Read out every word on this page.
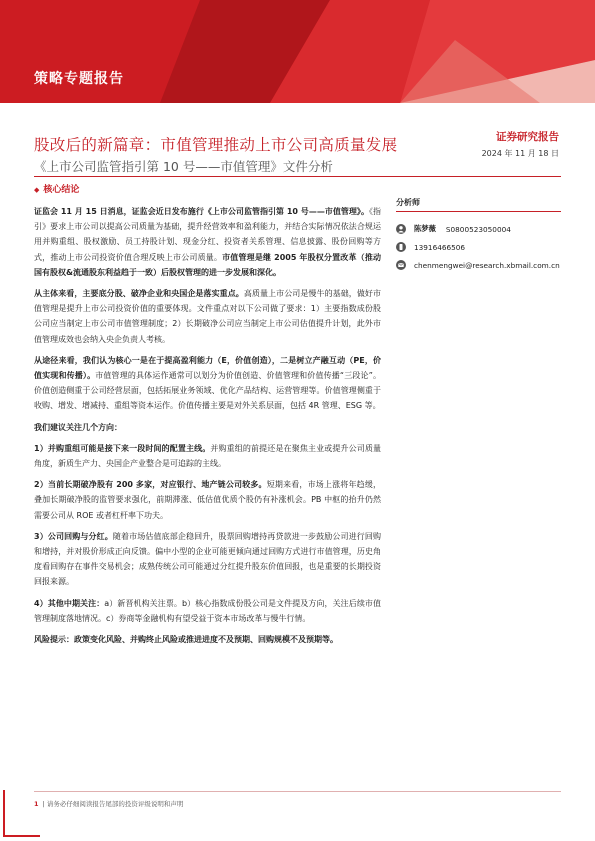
策略专题报告
股改后的新篇章：市值管理推动上市公司高质量发展
《上市公司监管指引第 10 号——市值管理》文件分析
证券研究报告
2024 年 11 月 18 日
◆ 核心结论

证监会 11 月 15 日消息，证监会近日发布施行《上市公司监管指引第 10 号——市值管理》。《指引》要求上市公司以提高公司质量为基础，提升经营效率和盈利能力，并结合实际情况依法合规运用并购重组、股权激励、员工持股计划、现金分红、投资者关系管理、信息披露、股份回购等方式，推动上市公司投资价值合理反映上市公司质量。市值管理是继 2005 年股权分置改革（推动国有股权&流通股东利益趋于一致）后股权管理的进一步发展和深化。

从主体来看，主要底分股、破净企业和央国企是落实重点。高质量上市公司是慢牛的基础，做好市值管理是提升上市公司投资价值的重要体现。文件重点对以下公司做了要求：1）主要指数成份股公司应当制定上市公司市值管理制度；2）长期破净公司应当制定上市公司估值提升计划，此外市值管理成效也会纳入央企负责人考核。

从途径来看，我们认为核心一是在于提高盈利能力（E，价值创造），二是树立产融互动（PE，价值实现和传播）。市值管理的具体运作通常可以划分为价值创造、价值管理和价值传播“三段论”。价值创造侧重于公司经营层面，包括拓展业务领域、优化产品结构、运营管理等。价值管理侧重于收购、增发、增减持、重组等资本运作。价值传播主要是对外关系层面，包括 4R 管理、ESG 等。

我们建议关注几个方向：

1）并购重组可能是接下来一段时间的配置主线。并购重组的前提还是在聚焦主业或提升公司质量角度，新质生产力、央国企产业整合是可追踪的主线。

2）当前长期破净股有 200 多家，对应银行、地产链公司较多。短期来看，市场上涨将年趋缓，叠加长期破净股的监管要求强化，前期滞涨、低估值优质个股仍有补涨机会。PB 中枢的抬升仍然需要公司从 ROE 或者杠杆率下功夫。

3）公司回购与分红。随着市场估值底部企稳回升，股票回购增持再贷款进一步鼓励公司进行回购和增持，并对股价形成正向反馈。偏中小型的企业可能更倾向通过回购方式进行市值管理，历史角度看回购存在事件交易机会；成熟传统公司可能通过分红提升股东价值回报，也是重要的长期投资回报来源。

4）其他中期关注：a）新晋机构关注票。b）核心指数成份股公司是文件提及方向，关注后续市值管理制度落地情况。c）券商等金融机构有望受益于资本市场改革与慢牛行情。

风险提示：政策变化风险、并购终止风险或推进进度不及预期、回购规模不及预期等。

分析师
陈梦薇 S0800523050004
13916466506
chenmengwei@research.xbmail.com.cn
1 | 请务必仔细阅读报告尾部的投资评级说明和声明
